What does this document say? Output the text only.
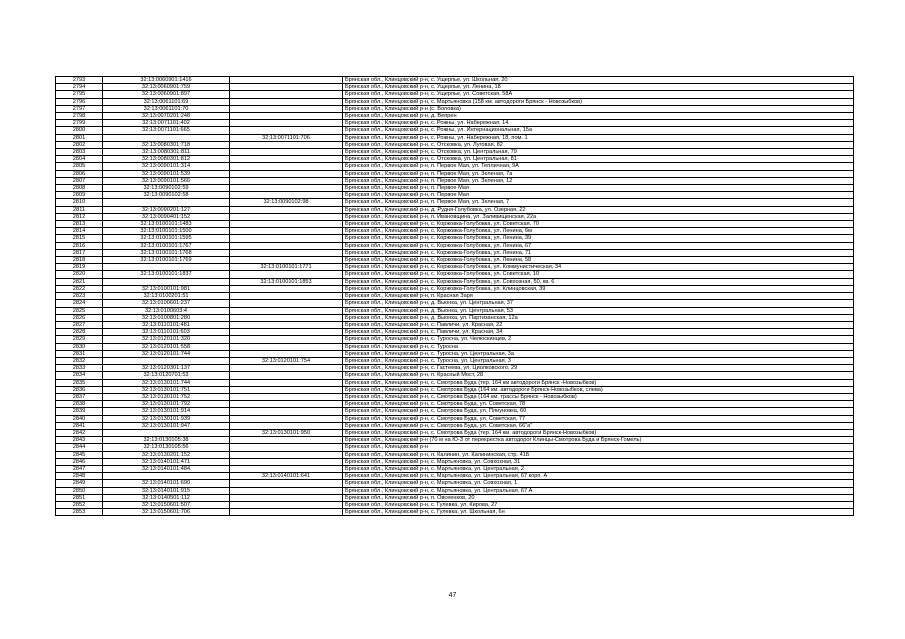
2793	32:13:0060901:1416		Брянская обл., Клинцовский р-н, с. Ущерпье, ул. Школьная, 20
2794	32:13:0060901:759		Брянская обл., Клинцовский р-н, с. Ущерпье, ул. Ленина, 18
2795	32:13:0060901:897		Брянская обл., Клинцовский р-н, с. Ущерпье, ул. Советская, 58А
2796	32:13:0061101:69		Брянская обл., Клинцовский р-н, с. Мартьяновка (158 км. автодороги Брянск - Новозыбков)
2797	32:13:0061101:70		Брянская обл., Клинцовский р-н (с. Воловка)
2798	32:13:0070201:248		Брянская обл., Клинцовский р-н, д. Вепрен
2799	32:13:0071101:402		Брянская обл., Клинцовский р-н, с. Рожны, ул. Набережная, 14
2800	32:13:0071101:665		Брянская обл., Клинцовский р-н, с. Рожны, ул. Интернациональная, 15а
2801		32:13:0071101:706	Брянская обл., Клинцовский р-н, с. Рожны, ул. Набережная, 18, пом. 1
2802	32:13:0080301:718		Брянская обл., Клинцовский р-н, с. Отсковка, ул. Луговая, 82
2803	32:13:0080301:811		Брянская обл., Клинцовский р-н, с. Отсковка, ул. Центральная, 79
2804	32:13:0080301:812		Брянская обл., Клинцовский р-н, с. Отсковка, ул. Центральная, 81
2805	32:13:0090101:314		Брянская обл., Клинцовский р-н, п. Первое Мая, ул. Тепличная, 9А
2806	32:13:0090101:539		Брянская обл., Клинцовский р-н, п. Первое Мая, ул. Зеленая, 7а
2807	32:13:0090101:566		Брянская обл., Клинцовский р-н, п. Первое Мая, ул. Зеленая, 12
2808	32:13:0090102:59		Брянская обл., Клинцовский р-н, п. Первое Мая
2809	32:13:0090102:58		Брянская обл., Клинцовский р-н, п. Первое Мая
2810		32:13:0090102:98	Брянская обл., Клинцовский р-н, п. Первое Мая, ул. Зеленая, 7
2811	32:13:0090201:127		Брянская обл., Клинцовский р-н, д. Рудня-Голубовка, ул. Озерная, 22
2812	32:13:0090401:152		Брянская обл., Клинцовский р-н, п. Ивановщина, ул. Заливищенская, 22а
2813	32:13:0100101:1483		Брянская обл., Клинцовский р-н, с. Коржовка-Голубовка, ул. Советская, 70
2814	32:13:0100101:1500		Брянская обл., Клинцовский р-н, с. Коржовка-Голубовка, ул. Ленина, 6м
2815	32:13:0100101:1595		Брянская обл., Клинцовский р-н, с. Коржовка-Голубовка, ул. Ленина, 39
2816	32:13:0100101:1767		Брянская обл., Клинцовский р-н, с. Коржовка-Голубовка, ул. Ленина, 67
2817	32:13:0100101:1768		Брянская обл., Клинцовский р-н, с. Коржовка-Голубовка, ул. Ленина, 71
2818	32:13:0100101:1769		Брянская обл., Клинцовский р-н, с. Коржовка-Голубовка, ул. Ленина, 58
2819		32:13:0100101:1771	Брянская обл., Клинцовский р-н, с. Коржовка-Голубовка, ул. Коммунистическая, 34
2820	32:13:0100101:1837		Брянская обл., Клинцовский р-н, с. Коржовка-Голубовка, ул. Советская, 10
2821		32:13:0100101:1853	Брянская обл., Клинцовский р-н, с. Коржовка-Голубовка, ул. Совхозная, 50, кв. 6
2822	32:13:0100101:981		Брянская обл., Клинцовский р-н, с. Коржовка-Голубовка, ул. Клинцовская, 39
2823	32:13:0100201:51		Брянская обл., Клинцовский р-н, п. Красная Заря
2824	32:13:0100601:237		Брянская обл., Клинцовский р-н, д. Выонка, ул. Центральная, 37
2825	32:13:0100603:4		Брянская обл., Клинцовский р-н, д. Выонка, ул. Центральная, 53
2826	32:13:0100801:280		Брянская обл., Клинцовский р-н, д. Выонка, ул. Партизанская, 12а
2827	32:13:0110101:481		Брянская обл., Клинцовский р-н, с. Павличи, ул. Красная, 22
2828	32:13:0110101:603		Брянская обл., Клинцовский р-н, с. Павличи, ул. Красная, 34
2829	32:13:0120101:320		Брянская обл., Клинцовский р-н, с. Туросна, ул. Челюскинцев, 2
2830	32:13:0120101:558		Брянская обл., Клинцовский р-н, с. Туросна
2831	32:13:0120101:744		Брянская обл., Клинцовский р-н, с. Туросна, ул. Центральная, 3а
2832		32:13:0120101:754	Брянская обл., Клинцовский р-н, с. Туросна, ул. Центральная, 3
2833	32:13:0120301:137		Брянская обл., Клинцовский р-н, с. Гастеева, ул. Циолковского, 29
2834	32:13:0120701:53		Брянская обл., Клинцовский р-н, п. Красный Мост, 28
2835	32:13:0130101:744		Брянская обл., Клинцовский р-н, с. Смотрова Буда (тер. 164 км автодороги Брянск -Новозыбков)
2836	32:13:0130101:751		Брянская обл., Клинцовский р-н, с. Смотрова Буда (164 км. автодороги Брянск-Новозыбков, слева)
2837	32:13:0130101:752		Брянская обл., Клинцовский р-н, с. Смотрова Буда (164 км. трассы Брянск - Новозыбков)
2838	32:13:0130101:792		Брянская обл., Клинцовский р-н, с. Смотрова Буда, ул. Советская, 78
2839	32:13:0130101:914		Брянская обл., Клинцовский р-н, с. Смотрова Буда, ул. Плиуновка, 60
2840	32:13:0130101:939		Брянская обл., Клинцовский р-н, с. Смотрова Буда, ул. Советская, 77
2841	32:13:0130101:947		Брянская обл., Клинцовский р-н, с. Смотрова Буда, ул. Советская, 66"а"
2842		32:13:0130101:950	Брянская обл., Клинцовский р-н, с. Смотрова Буда (тер. 164 км. автодороги Брянск-Новозыбков)
2843	32:13:0130105:38		Брянская обл., Клинцовский р-н (70 м на Ю-З от перекрестка автодорог Клинцы-Смотрова Буда и Брянск-Гомель)
2844	32:13:0130105:56		Брянская обл., Клинцовский р-н
2845	32:13:0130201:152		Брянская обл., Клинцовский р-н, п. Калинин, ул. Калининская, стр. 41Б
2846	32:13:0140101:471		Брянская обл., Клинцовский р-н, с. Мартьяновка, ул. Совхозная, 31
2847	32:13:0140101:484		Брянская обл., Клинцовский р-н, с. Мартьяновка, ул. Центральная, 2
2848		32:13:0140101:641	Брянская обл., Клинцовский р-н, с. Мартьяновка, ул. Центральная, 67 корп. А
2849	32:13:0140101:690		Брянская обл., Клинцовский р-н, с. Мартьяновка, ул. Совхозная, 1
2850	32:13:0140101:915		Брянская обл., Клинцовский р-н, с. Мартьяновка, ул. Центральная, 67 А
2851	32:13:0140501:112		Брянская обл., Клинцовский р-н, п. Овсеенков, 20
2852	32:13:0150601:507		Брянская обл., Клинцовский р-н, с. Гулевка, ул. Кирова, 27
2853	32:13:0150601:706		Брянская обл., Клинцовский р-н, с. Гулевка, ул. Школьная, 6н
47
